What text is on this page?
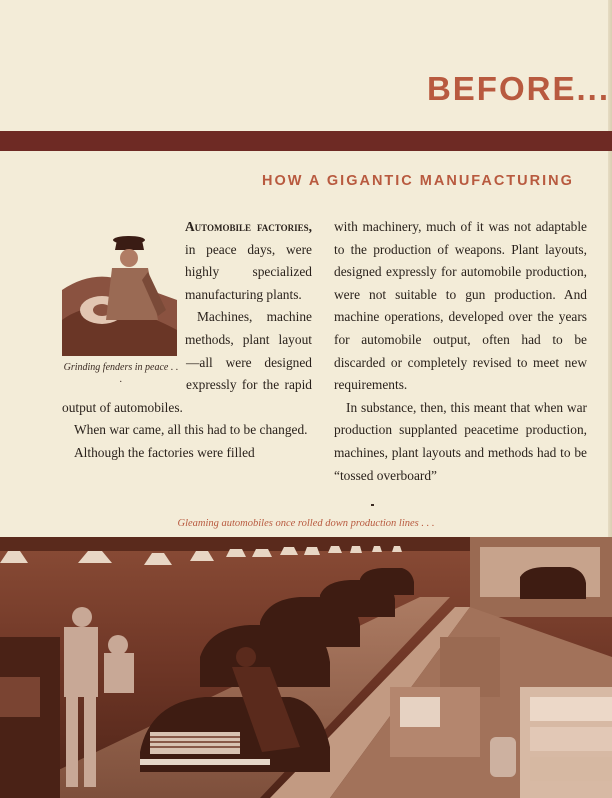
BEFORE...
HOW A GIGANTIC MANUFACTURING

with machinery, much of it was not adaptable to the production of weapons. Plant layouts, designed expressly for automobile production, were not suitable to gun production. And machine operations, developed over the years for automobile output, often had to be discarded or completely revised to meet new requirements.

In substance, then, this meant that when war production supplanted peacetime production, machines, plant layouts and methods had to be “tossed overboard”

Gleaming automobiles once rolled down production lines . . .

Automobile factories,
Grinding fenders in peace . . .
in peace days, were highly specialized manufacturing plants.

Machines, machine methods, plant layout—all were designed expressly for the rapid output of automobiles.

When war came, all this had to be changed.

Although the factories were filled
